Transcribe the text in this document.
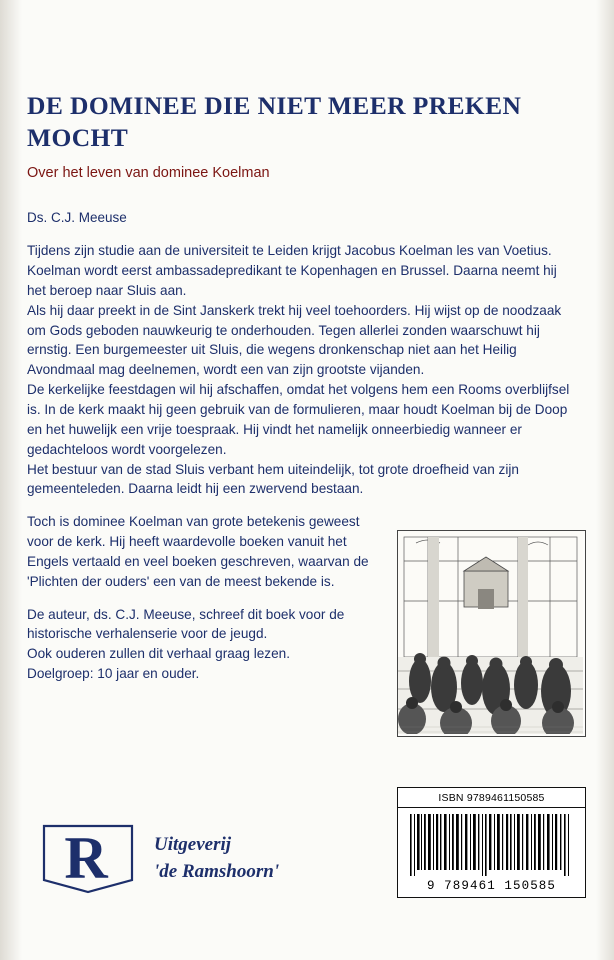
DE DOMINEE DIE NIET MEER PREKEN MOCHT
Over het leven van dominee Koelman
Ds. C.J. Meeuse

Tijdens zijn studie aan de universiteit te Leiden krijgt Jacobus Koelman les van Voetius. Koelman wordt eerst ambassadepredikant te Kopenhagen en Brussel. Daarna neemt hij het beroep naar Sluis aan.

Als hij daar preekt in de Sint Janskerk trekt hij veel toehoorders. Hij wijst op de noodzaak om Gods geboden nauwkeurig te onderhouden. Tegen allerlei zonden waarschuwt hij ernstig. Een burgemeester uit Sluis, die wegens dronkenschap niet aan het Heilig Avondmaal mag deelnemen, wordt een van zijn grootste vijanden.

De kerkelijke feestdagen wil hij afschaffen, omdat het volgens hem een Rooms overblijfsel is. In de kerk maakt hij geen gebruik van de formulieren, maar houdt Koelman bij de Doop en het huwelijk een vrije toespraak. Hij vindt het namelijk onneerbiedig wanneer er gedachteloos wordt voorgelezen.

Het bestuur van de stad Sluis verbant hem uiteindelijk, tot grote droefheid van zijn gemeenteleden. Daarna leidt hij een zwervend bestaan.

Toch is dominee Koelman van grote betekenis geweest voor de kerk. Hij heeft waardevolle boeken vanuit het Engels vertaald en veel boeken geschreven, waarvan de 'Plichten der ouders' een van de meest bekende is.

De auteur, ds. C.J. Meeuse, schreef dit boek voor de historische verhalenserie voor de jeugd.

Ook ouderen zullen dit verhaal graag lezen.

Doelgroep: 10 jaar en ouder.

ISBN 9789461150585
9 789461 150585
R Uitgeverij
'de Ramshoorn'
